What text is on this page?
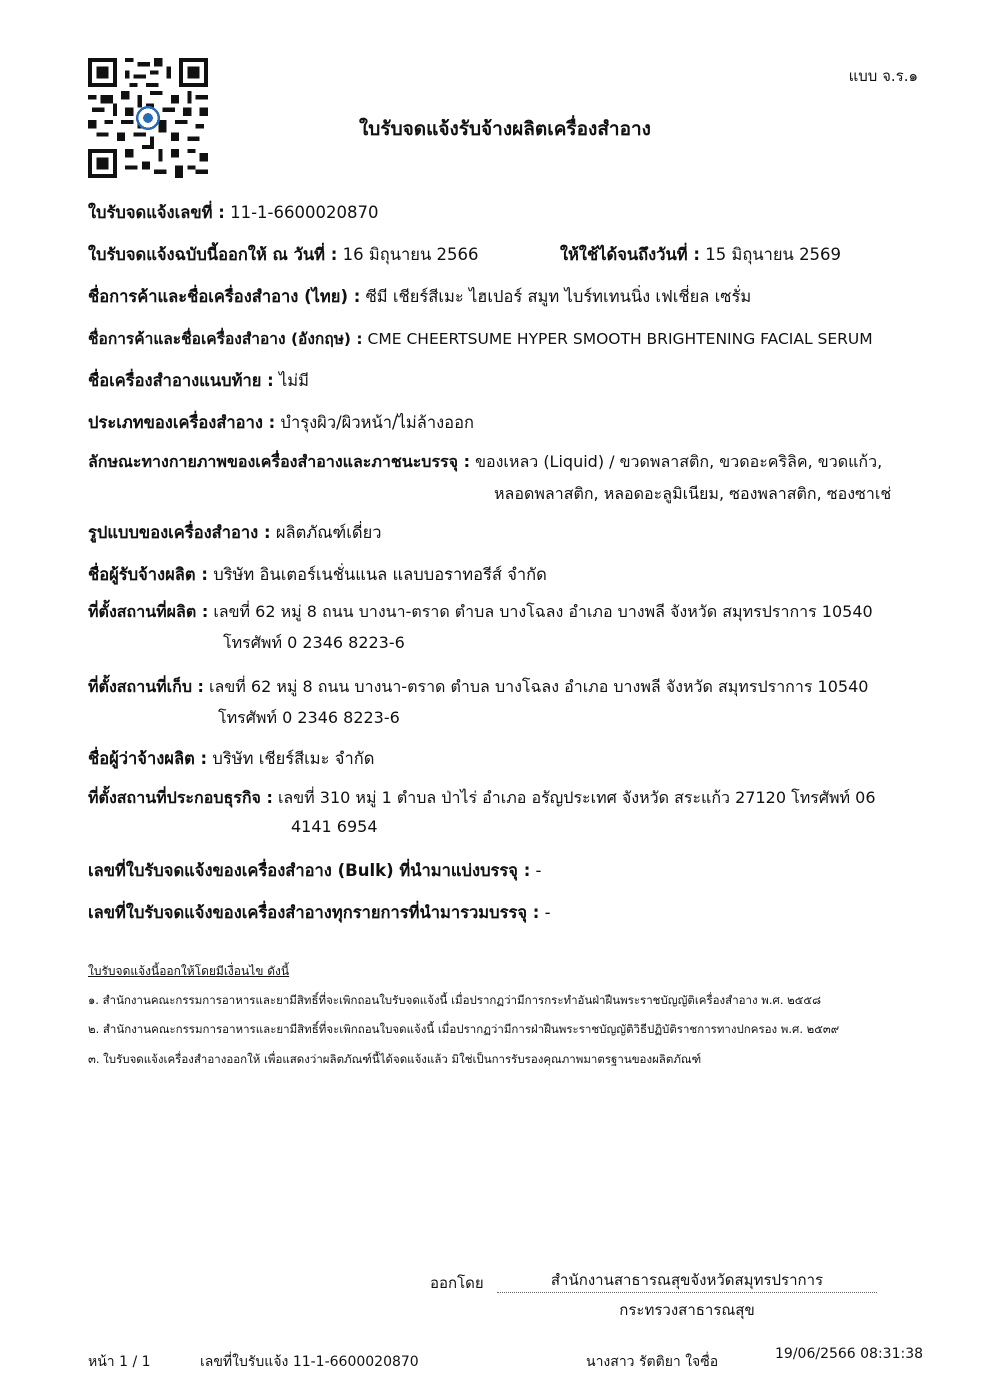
แบบ จ.ร.๑
ใบรับจดแจ้งรับจ้างผลิตเครื่องสำอาง
ใบรับจดแจ้งเลขที่ : 11-1-6600020870
ใบรับจดแจ้งฉบับนี้ออกให้ ณ วันที่ : 16 มิถุนายน 2566	ให้ใช้ได้จนถึงวันที่ : 15 มิถุนายน 2569
ชื่อการค้าและชื่อเครื่องสำอาง (ไทย) : ซีมี เชียร์สีเมะ ไฮเปอร์ สมูท ไบร์ทเทนนิ่ง เฟเชี่ยล เซรั่ม
ชื่อการค้าและชื่อเครื่องสำอาง (อังกฤษ) : CME CHEERTSUME HYPER SMOOTH BRIGHTENING FACIAL SERUM
ชื่อเครื่องสำอางแนบท้าย : ไม่มี
ประเภทของเครื่องสำอาง : บำรุงผิว/ผิวหน้า/ไม่ล้างออก
ลักษณะทางกายภาพของเครื่องสำอางและภาชนะบรรจุ : ของเหลว (Liquid) / ขวดพลาสติก, ขวดอะคริลิค, ขวดแก้ว,
หลอดพลาสติก, หลอดอะลูมิเนียม, ซองพลาสติก, ซองซาเช่
รูปแบบของเครื่องสำอาง : ผลิตภัณฑ์เดี่ยว
ชื่อผู้รับจ้างผลิต : บริษัท อินเตอร์เนชั่นแนล แลบบอราทอรีส์ จำกัด
ที่ตั้งสถานที่ผลิต : เลขที่ 62 หมู่ 8 ถนน บางนา-ตราด ตำบล บางโฉลง อำเภอ บางพลี จังหวัด สมุทรปราการ 10540
โทรศัพท์ 0 2346 8223-6
ที่ตั้งสถานที่เก็บ : เลขที่ 62 หมู่ 8 ถนน บางนา-ตราด ตำบล บางโฉลง อำเภอ บางพลี จังหวัด สมุทรปราการ 10540
โทรศัพท์ 0 2346 8223-6
ชื่อผู้ว่าจ้างผลิต : บริษัท เชียร์สีเมะ จำกัด
ที่ตั้งสถานที่ประกอบธุรกิจ : เลขที่ 310 หมู่ 1 ตำบล ป่าไร่ อำเภอ อรัญประเทศ จังหวัด สระแก้ว 27120 โทรศัพท์ 06
4141 6954
เลขที่ใบรับจดแจ้งของเครื่องสำอาง (Bulk) ที่นำมาแบ่งบรรจุ : -
เลขที่ใบรับจดแจ้งของเครื่องสำอางทุกรายการที่นำมารวมบรรจุ : -
ใบรับจดแจ้งนี้ออกให้โดยมีเงื่อนไข ดังนี้
๑. สำนักงานคณะกรรมการอาหารและยามีสิทธิ์ที่จะเพิกถอนใบรับจดแจ้งนี้ เมื่อปรากฏว่ามีการกระทำอันฝ่าฝืนพระราชบัญญัติเครื่องสำอาง พ.ศ. ๒๕๕๘
๒. สำนักงานคณะกรรมการอาหารและยามีสิทธิ์ที่จะเพิกถอนใบจดแจ้งนี้ เมื่อปรากฏว่ามีการฝ่าฝืนพระราชบัญญัติวิธีปฏิบัติราชการทางปกครอง พ.ศ. ๒๕๓๙
๓. ใบรับจดแจ้งเครื่องสำอางออกให้ เพื่อแสดงว่าผลิตภัณฑ์นี้ได้จดแจ้งแล้ว มิใช่เป็นการรับรองคุณภาพมาตรฐานของผลิตภัณฑ์
ออกโดย	สำนักงานสาธารณสุขจังหวัดสมุทรปราการ
กระทรวงสาธารณสุข
หน้า 1 / 1	เลขที่ใบรับแจ้ง 11-1-6600020870	นางสาว รัตติยา ใจซื่อ	19/06/2566 08:31:38
